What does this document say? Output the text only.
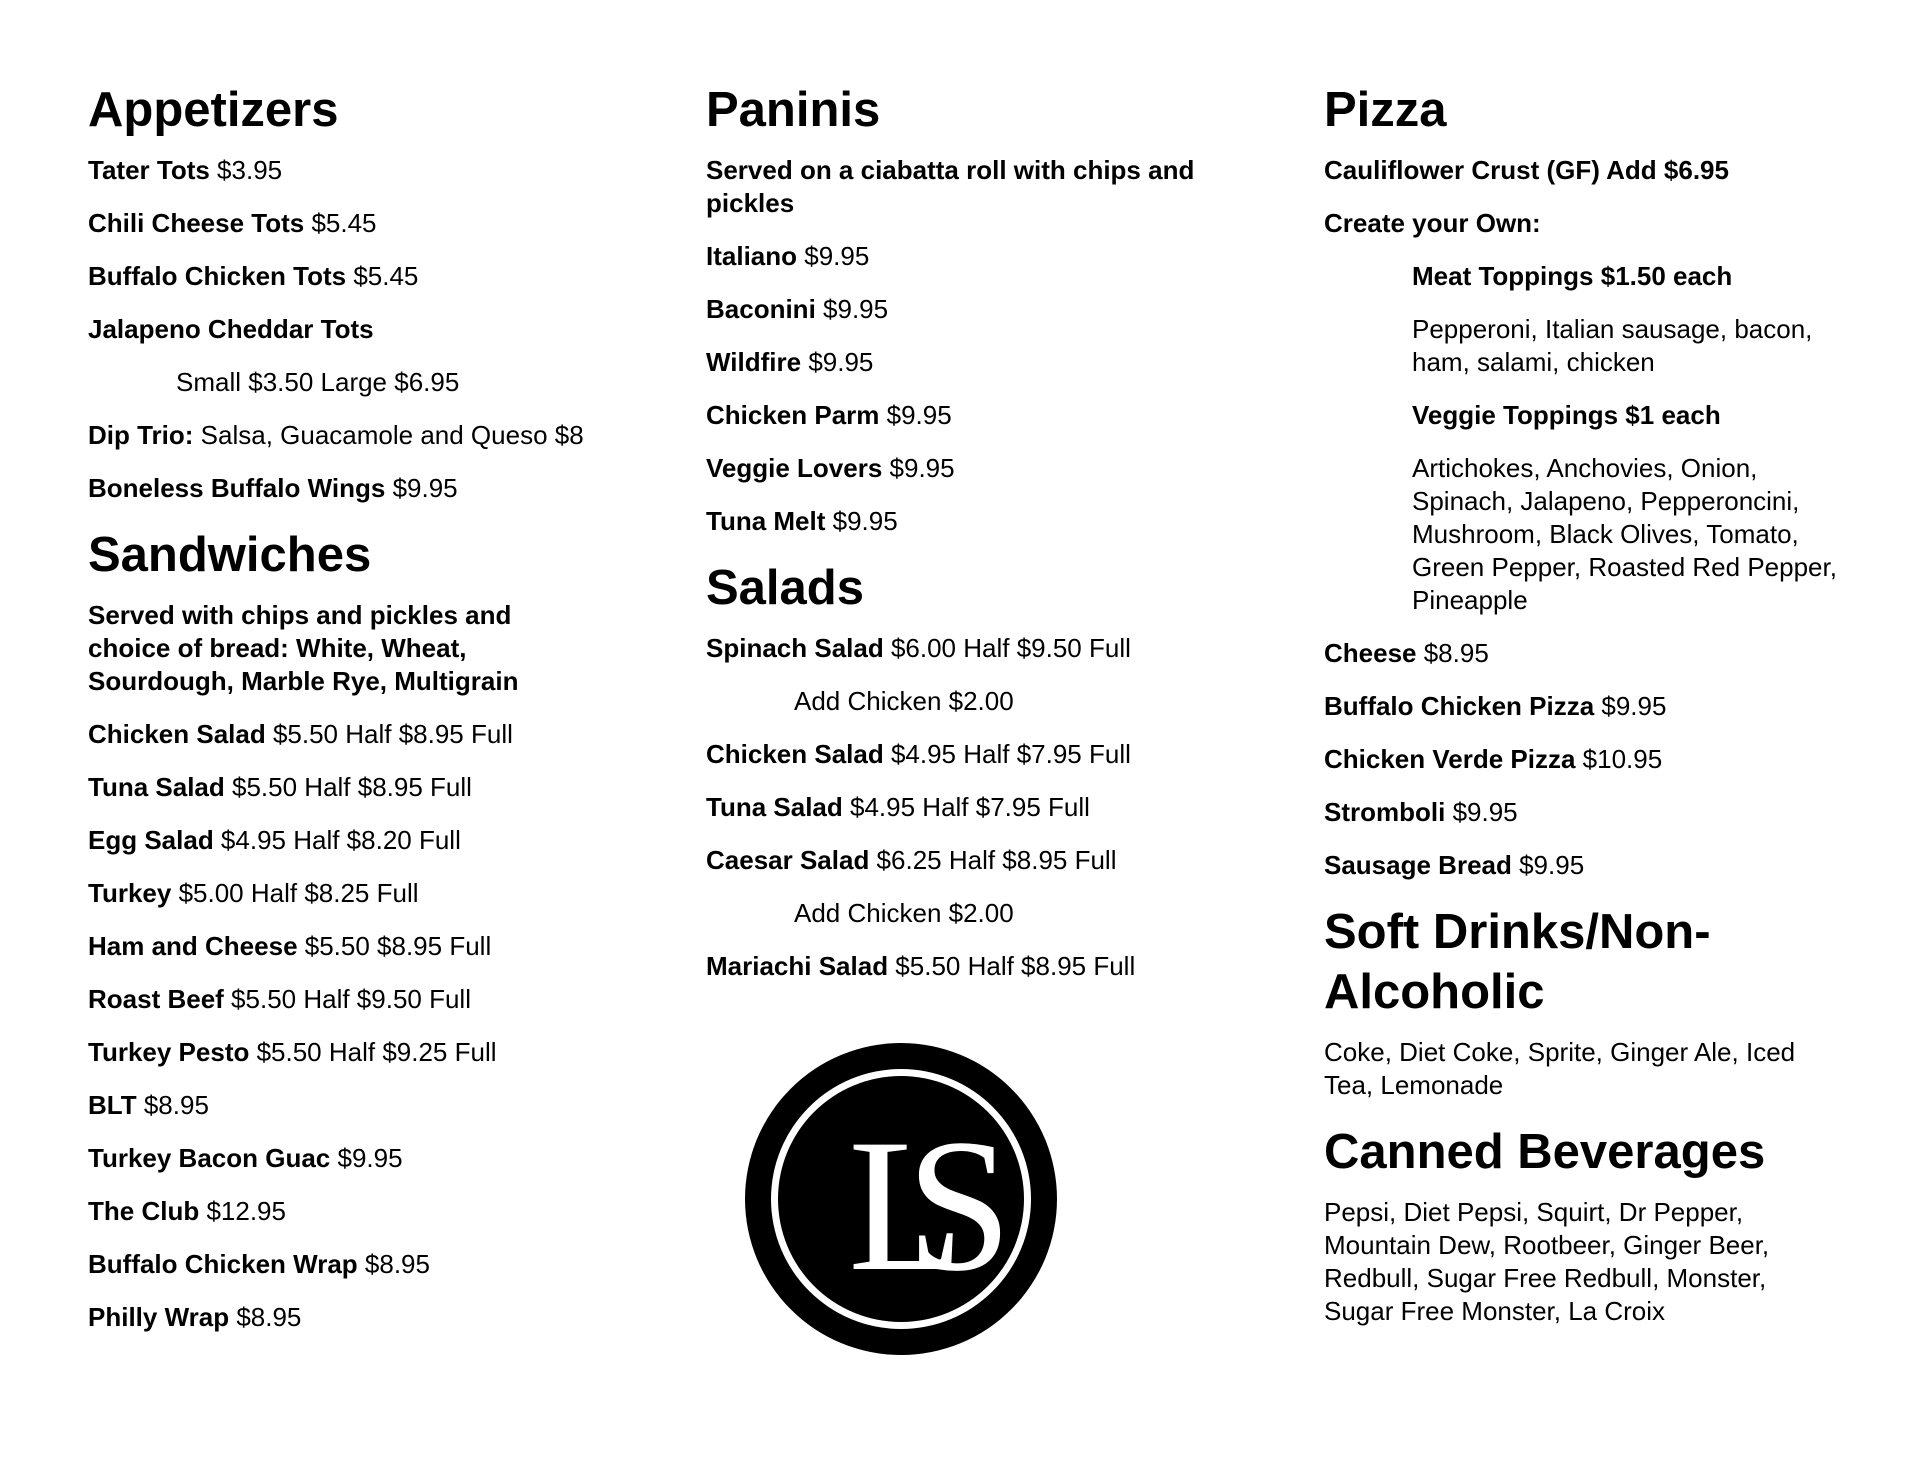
Appetizers
Tater Tots $3.95
Chili Cheese Tots $5.45
Buffalo Chicken Tots $5.45
Jalapeno Cheddar Tots
Small $3.50 Large $6.95
Dip Trio: Salsa, Guacamole and Queso $8
Boneless Buffalo Wings $9.95
Sandwiches
Served with chips and pickles and choice of bread: White, Wheat, Sourdough, Marble Rye, Multigrain
Chicken Salad $5.50 Half $8.95 Full
Tuna Salad $5.50 Half $8.95 Full
Egg Salad $4.95 Half $8.20 Full
Turkey $5.00 Half $8.25 Full
Ham and Cheese $5.50 $8.95 Full
Roast Beef $5.50 Half $9.50 Full
Turkey Pesto $5.50 Half $9.25 Full
BLT $8.95
Turkey Bacon Guac $9.95
The Club $12.95
Buffalo Chicken Wrap $8.95
Philly Wrap $8.95
Paninis
Served on a ciabatta roll with chips and pickles
Italiano $9.95
Baconini $9.95
Wildfire $9.95
Chicken Parm $9.95
Veggie Lovers $9.95
Tuna Melt $9.95
Salads
Spinach Salad $6.00 Half $9.50 Full
Add Chicken $2.00
Chicken Salad $4.95 Half $7.95 Full
Tuna Salad $4.95 Half $7.95 Full
Caesar Salad $6.25 Half $8.95 Full
Add Chicken $2.00
Mariachi Salad $5.50 Half $8.95 Full
LS
Pizza
Cauliflower Crust (GF) Add $6.95
Create your Own:
Meat Toppings $1.50 each
Pepperoni, Italian sausage, bacon, ham, salami, chicken
Veggie Toppings $1 each
Artichokes, Anchovies, Onion, Spinach, Jalapeno, Pepperoncini, Mushroom, Black Olives, Tomato, Green Pepper, Roasted Red Pepper, Pineapple
Cheese $8.95
Buffalo Chicken Pizza $9.95
Chicken Verde Pizza $10.95
Stromboli $9.95
Sausage Bread $9.95
Soft Drinks/Non-Alcoholic
Coke, Diet Coke, Sprite, Ginger Ale, Iced Tea, Lemonade
Canned Beverages
Pepsi, Diet Pepsi, Squirt, Dr Pepper, Mountain Dew, Rootbeer, Ginger Beer, Redbull, Sugar Free Redbull, Monster, Sugar Free Monster, La Croix
